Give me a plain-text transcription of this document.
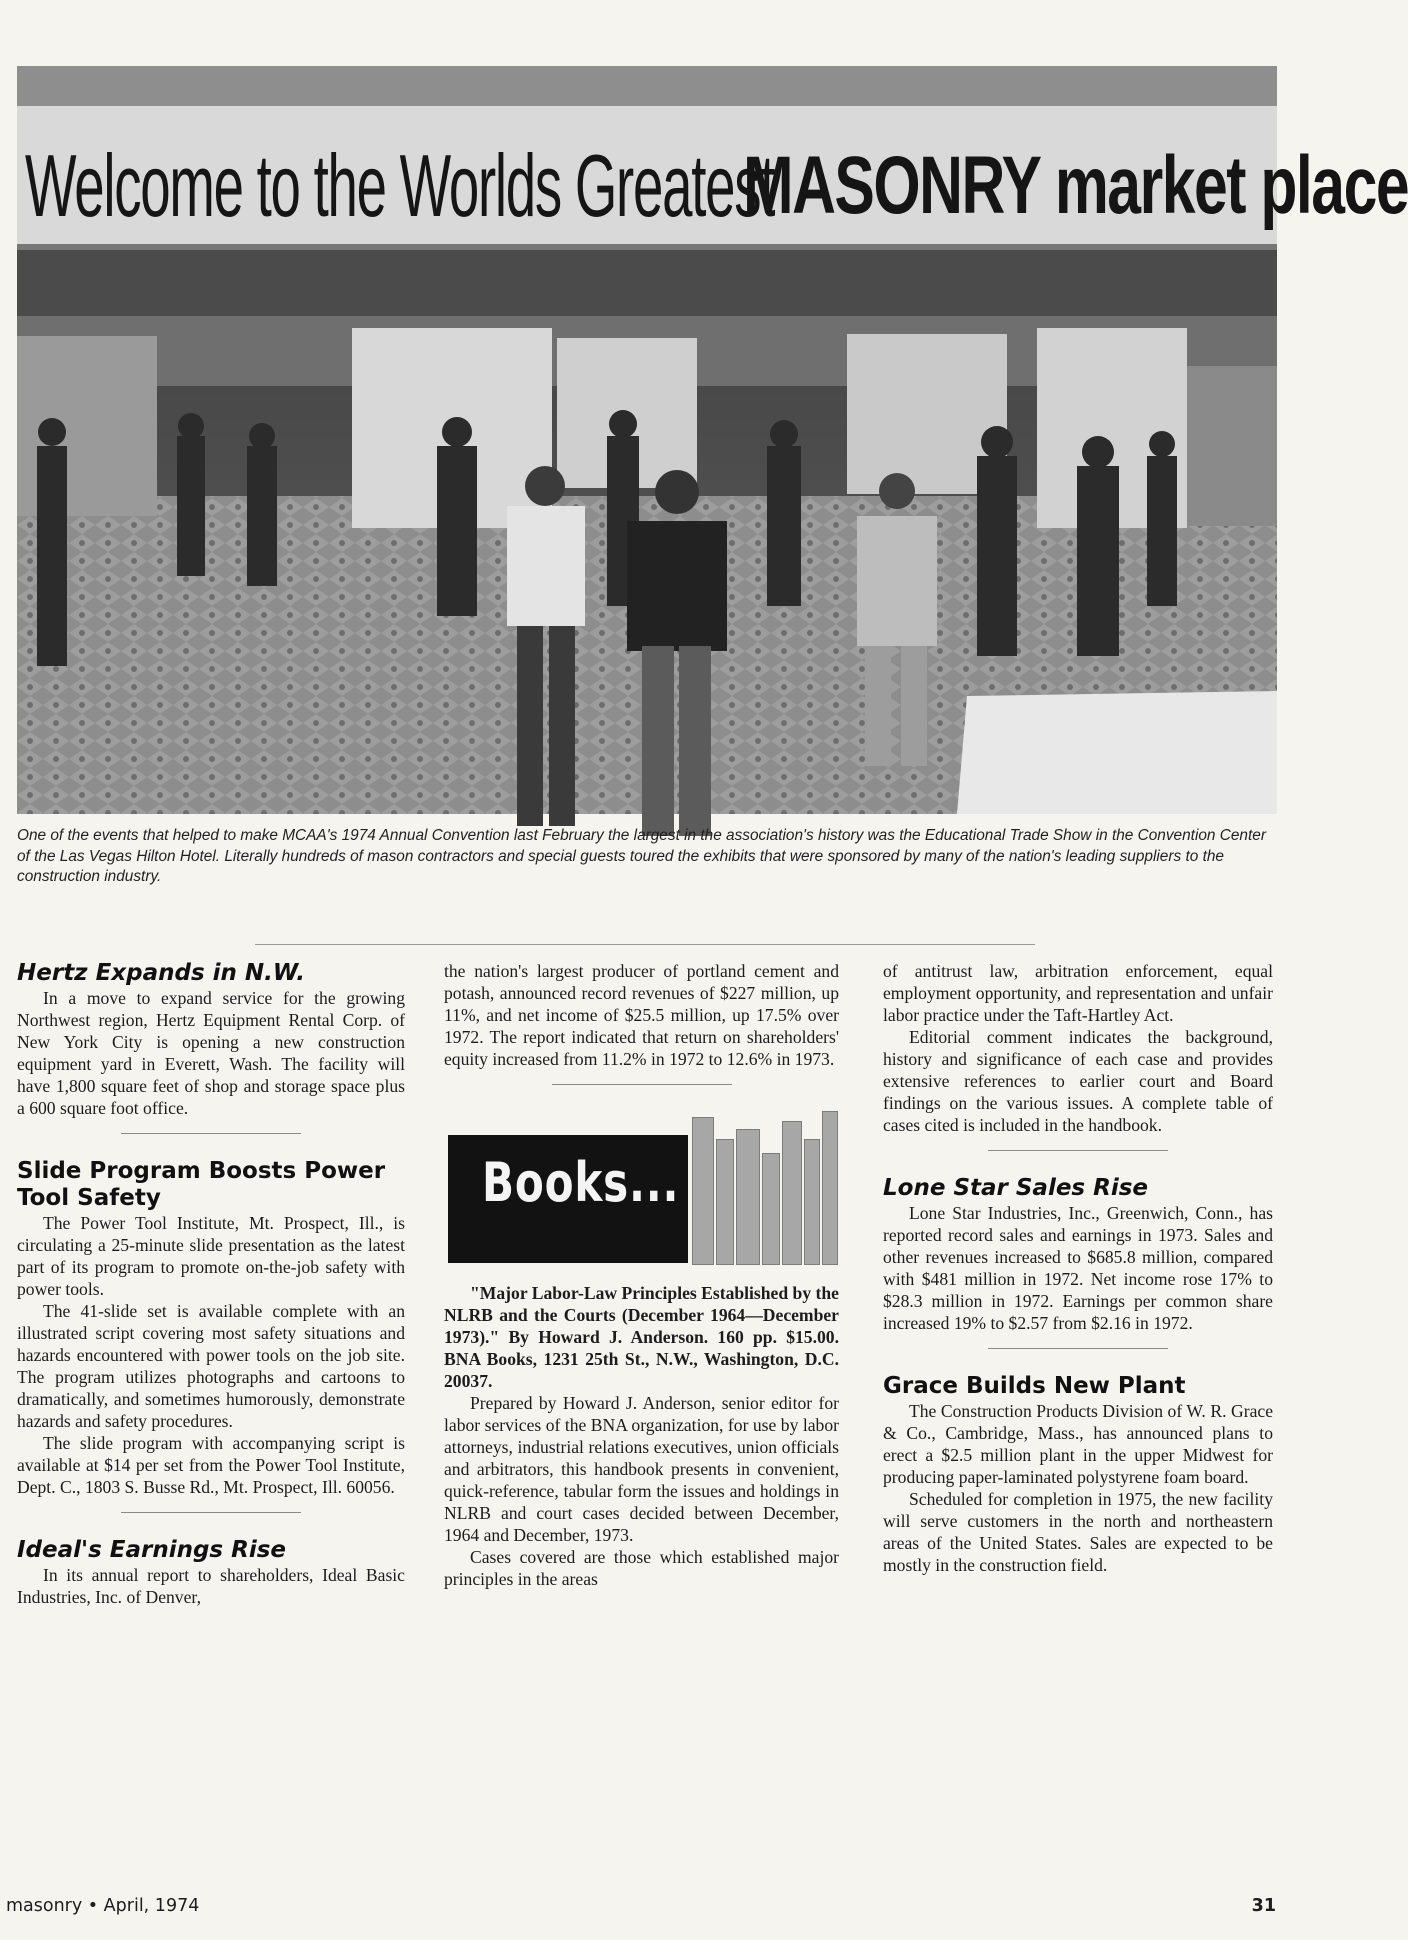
Welcome to the Worlds Greatest
MASONRY market place
One of the events that helped to make MCAA's 1974 Annual Convention last February the largest in the association's history was the Educational Trade Show in the Convention Center of the Las Vegas Hilton Hotel. Literally hundreds of mason contractors and special guests toured the exhibits that were sponsored by many of the nation's leading suppliers to the construction industry.
Hertz Expands in N.W.

In a move to expand service for the growing Northwest region, Hertz Equipment Rental Corp. of New York City is opening a new construction equipment yard in Everett, Wash. The facility will have 1,800 square feet of shop and storage space plus a 600 square foot office.

Slide Program Boosts Power Tool Safety

The Power Tool Institute, Mt. Prospect, Ill., is circulating a 25-minute slide presentation as the latest part of its program to promote on-the-job safety with power tools.

The 41-slide set is available complete with an illustrated script covering most safety situations and hazards encountered with power tools on the job site. The program utilizes photographs and cartoons to dramatically, and sometimes humorously, demonstrate hazards and safety procedures.

The slide program with accompanying script is available at $14 per set from the Power Tool Institute, Dept. C., 1803 S. Busse Rd., Mt. Prospect, Ill. 60056.

Ideal's Earnings Rise

In its annual report to shareholders, Ideal Basic Industries, Inc. of Denver,

the nation's largest producer of portland cement and potash, announced record revenues of $227 million, up 11%, and net income of $25.5 million, up 17.5% over 1972. The report indicated that return on shareholders' equity increased from 11.2% in 1972 to 12.6% in 1973.

Books...

"Major Labor-Law Principles Established by the NLRB and the Courts (December 1964—December 1973)." By Howard J. Anderson. 160 pp. $15.00. BNA Books, 1231 25th St., N.W., Washington, D.C. 20037.

Prepared by Howard J. Anderson, senior editor for labor services of the BNA organization, for use by labor attorneys, industrial relations executives, union officials and arbitrators, this handbook presents in convenient, quick-reference, tabular form the issues and holdings in NLRB and court cases decided between December, 1964 and December, 1973.

Cases covered are those which established major principles in the areas

of antitrust law, arbitration enforcement, equal employment opportunity, and representation and unfair labor practice under the Taft-Hartley Act.

Editorial comment indicates the background, history and significance of each case and provides extensive references to earlier court and Board findings on the various issues. A complete table of cases cited is included in the handbook.

Lone Star Sales Rise

Lone Star Industries, Inc., Greenwich, Conn., has reported record sales and earnings in 1973. Sales and other revenues increased to $685.8 million, compared with $481 million in 1972. Net income rose 17% to $28.3 million in 1972. Earnings per common share increased 19% to $2.57 from $2.16 in 1972.

Grace Builds New Plant

The Construction Products Division of W. R. Grace & Co., Cambridge, Mass., has announced plans to erect a $2.5 million plant in the upper Midwest for producing paper-laminated polystyrene foam board.

Scheduled for completion in 1975, the new facility will serve customers in the north and northeastern areas of the United States. Sales are expected to be mostly in the construction field.

masonry • April, 1974	31
